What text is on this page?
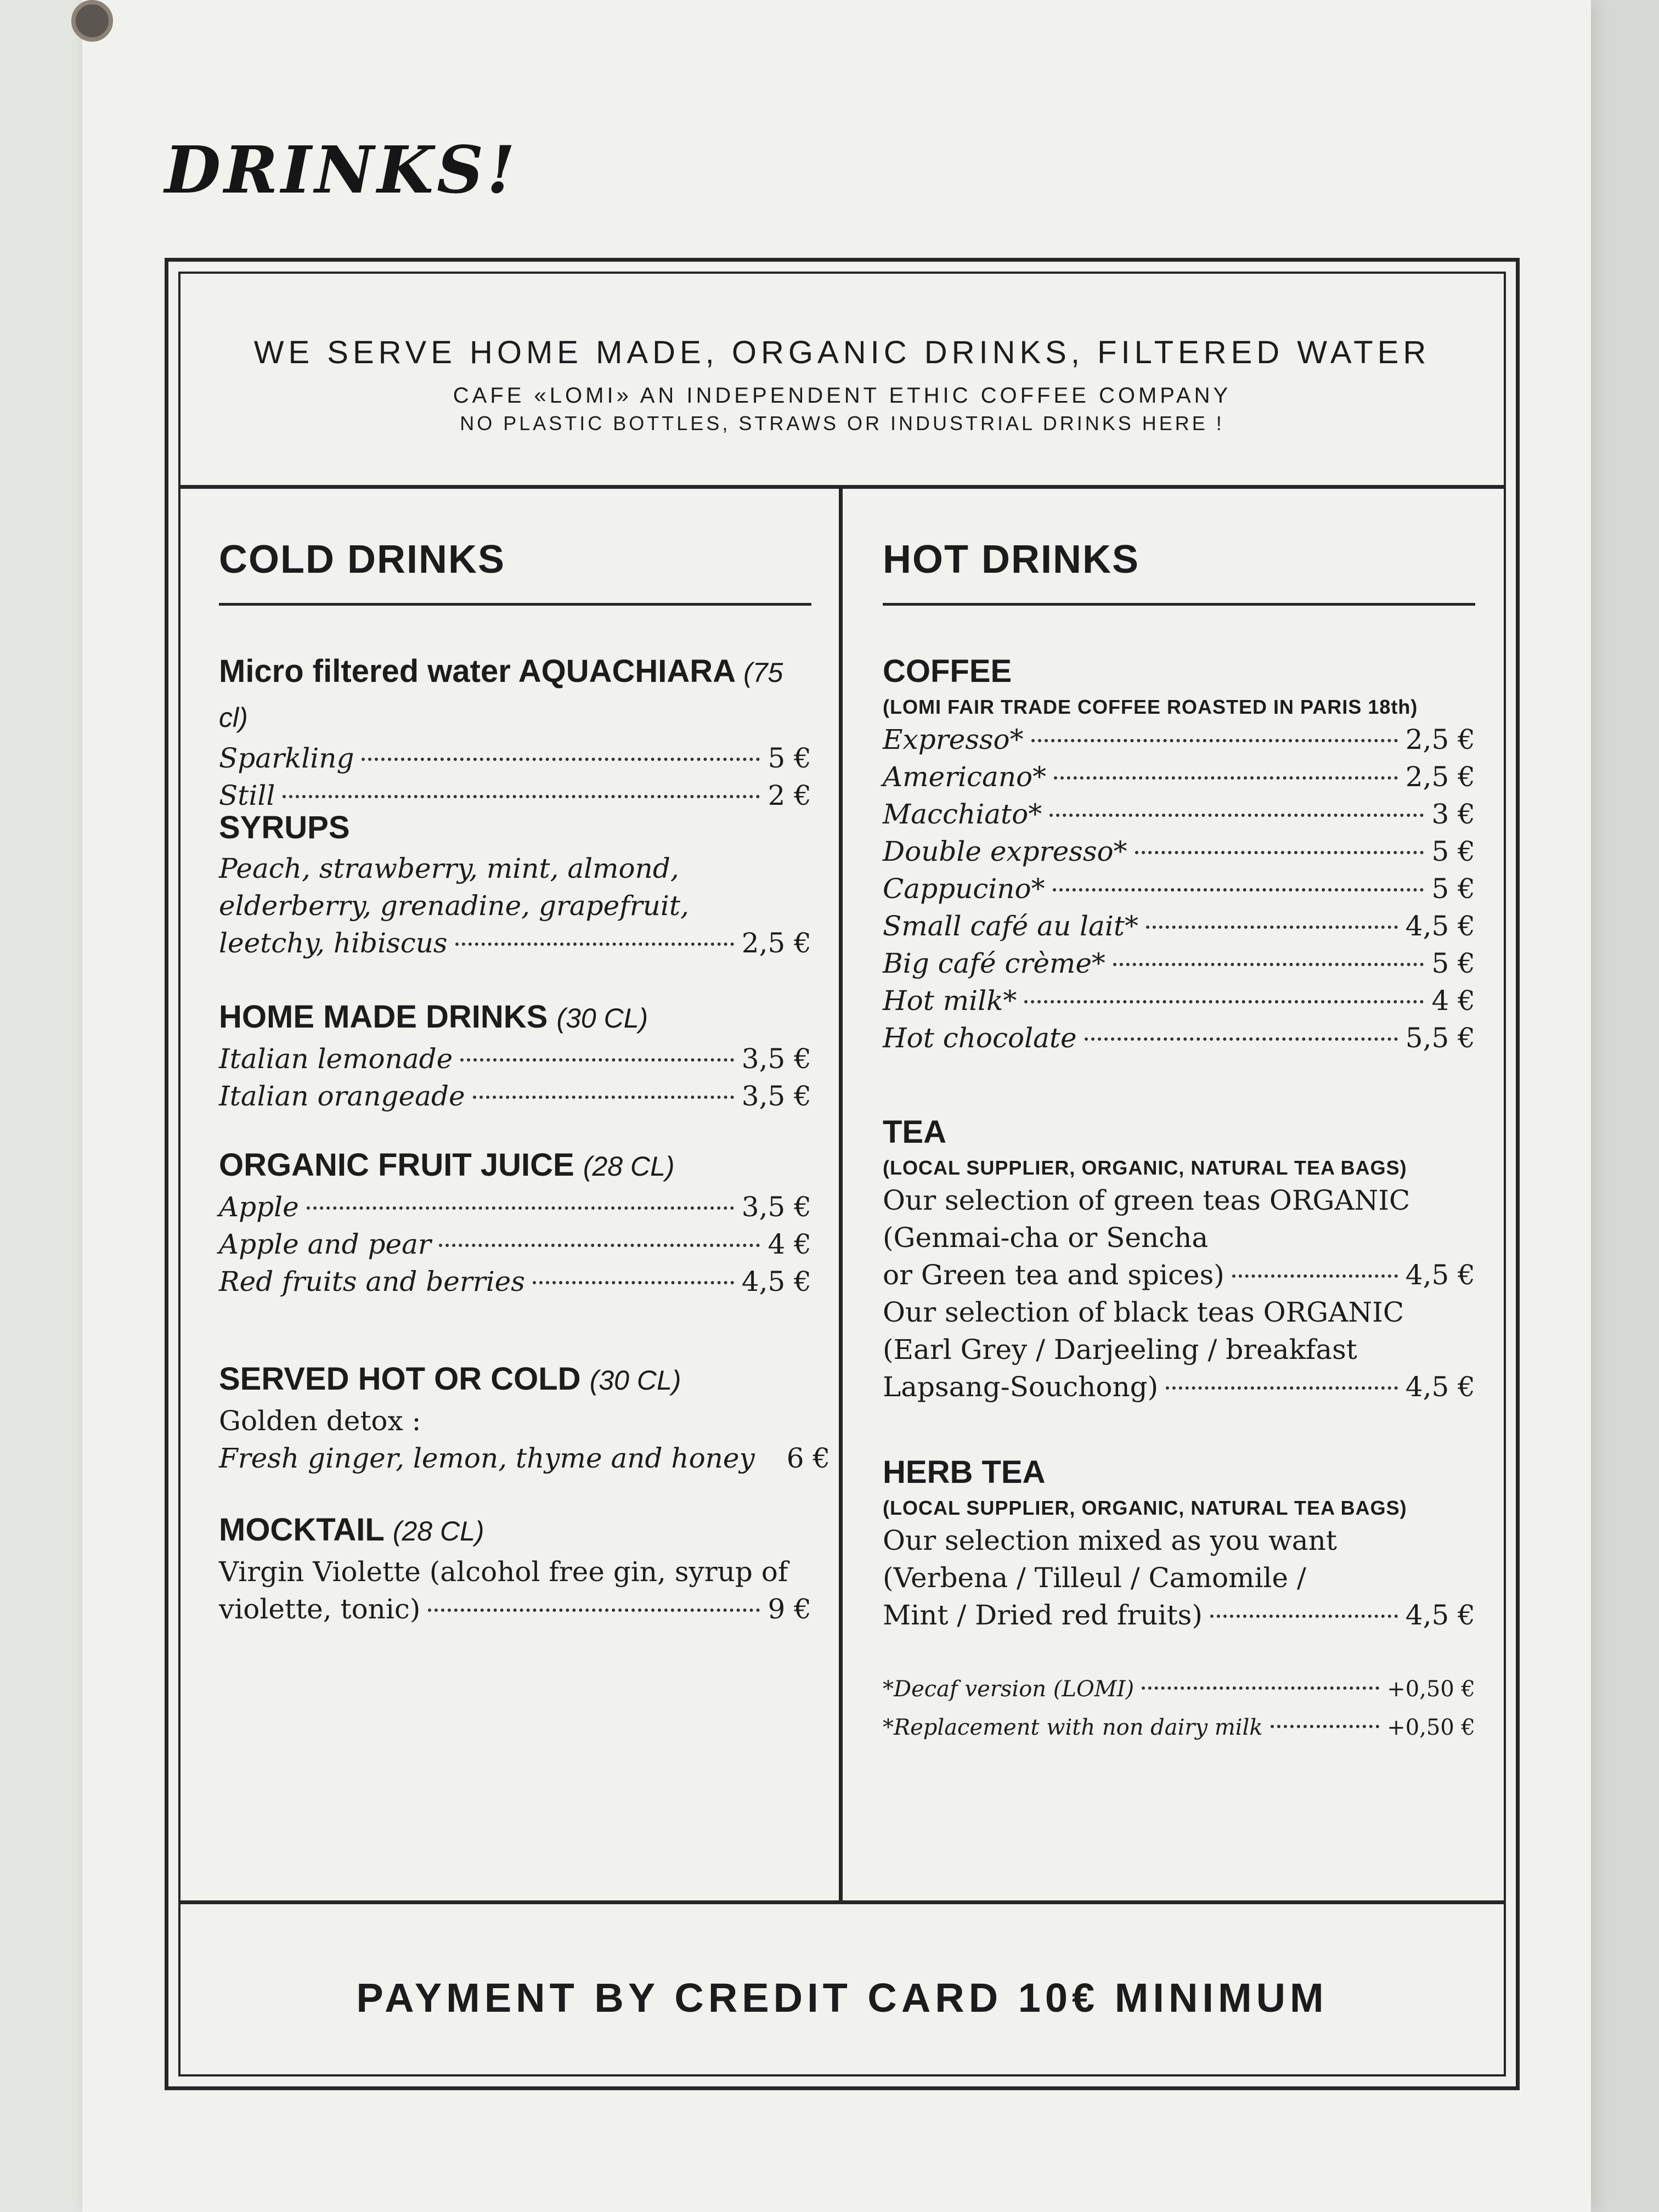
DRINKS!
WE SERVE HOME MADE, ORGANIC DRINKS, FILTERED WATER
CAFE «LOMI» AN INDEPENDENT ETHIC COFFEE COMPANY
NO PLASTIC BOTTLES, STRAWS OR INDUSTRIAL DRINKS HERE !
COLD DRINKS

Micro filtered water AQUACHIARA (75 cl)

Sparkling	5 €
Still	2 €

SYRUPS

Peach, strawberry, mint, almond,
elderberry, grenadine, grapefruit,
leetchy, hibiscus	2,5 €

HOME MADE DRINKS (30 CL)

Italian lemonade	3,5 €
Italian orangeade	3,5 €

ORGANIC FRUIT JUICE (28 CL)

Apple	3,5 €
Apple and pear	4 €
Red fruits and berries	4,5 €

SERVED HOT OR COLD (30 CL)

Golden detox :
Fresh ginger, lemon, thyme and honey 6 €

MOCKTAIL (28 CL)

Virgin Violette (alcohol free gin, syrup of
violette, tonic)	9 €
HOT DRINKS

COFFEE

(LOMI FAIR TRADE COFFEE ROASTED IN PARIS 18th)

Expresso*	2,5 €
Americano*	2,5 €
Macchiato*	3 €
Double expresso*	5 €
Cappucino*	5 €
Small café au lait*	4,5 €
Big café crème*	5 €
Hot milk*	4 €
Hot chocolate	5,5 €

TEA

(LOCAL SUPPLIER, ORGANIC, NATURAL TEA BAGS)

Our selection of green teas ORGANIC
(Genmai-cha or Sencha
or Green tea and spices)	4,5 €
Our selection of black teas ORGANIC
(Earl Grey / Darjeeling / breakfast
Lapsang-Souchong)	4,5 €

HERB TEA

(LOCAL SUPPLIER, ORGANIC, NATURAL TEA BAGS)

Our selection mixed as you want
(Verbena / Tilleul / Camomile /
Mint / Dried red fruits)	4,5 €
*Decaf version (LOMI)	+0,50 €
*Replacement with non dairy milk	+0,50 €
PAYMENT BY CREDIT CARD 10€ MINIMUM
